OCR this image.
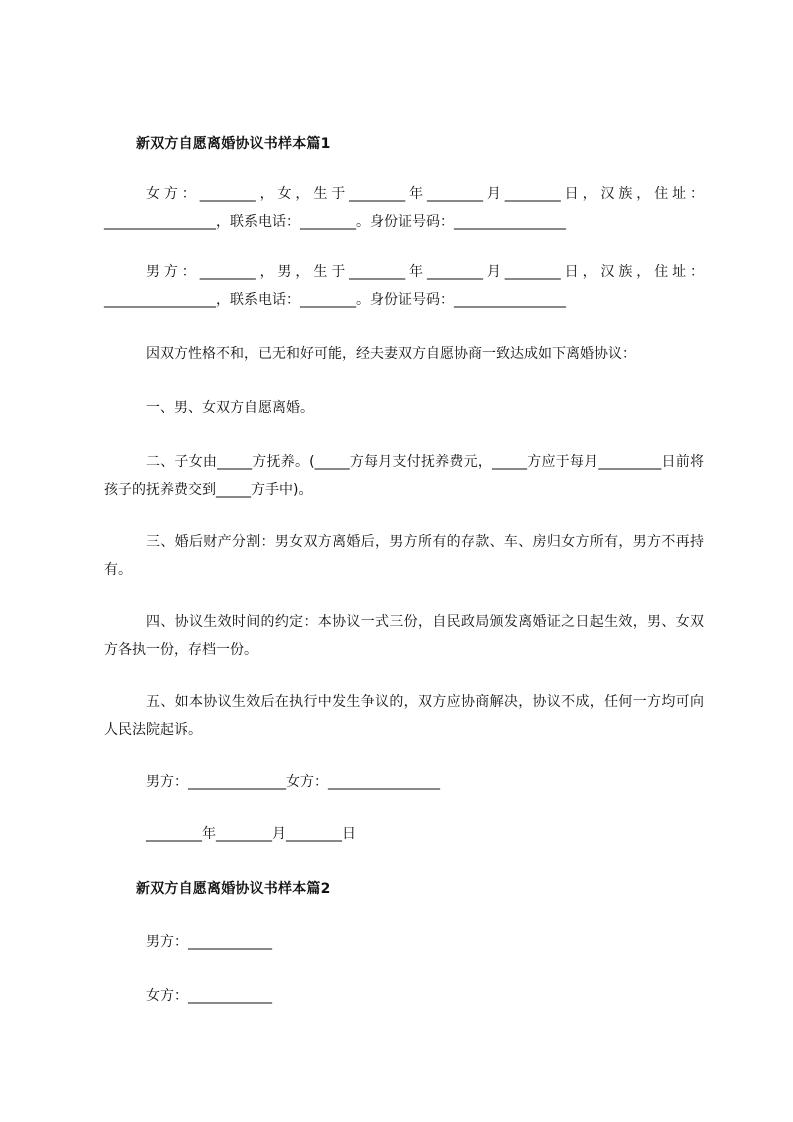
新双方自愿离婚协议书样本篇1
女方：________，女，生于________年________月________日，汉族，住址：________________，联系电话：________。身份证号码：________________
男方：________，男，生于________年________月________日，汉族，住址：________________，联系电话：________。身份证号码：________________
因双方性格不和，已无和好可能，经夫妻双方自愿协商一致达成如下离婚协议：
一、男、女双方自愿离婚。
二、子女由_____方抚养。(_____方每月支付抚养费元，_____方应于每月_________日前将孩子的抚养费交到_____方手中)。
三、婚后财产分割：男女双方离婚后，男方所有的存款、车、房归女方所有，男方不再持有。
四、协议生效时间的约定：本协议一式三份，自民政局颁发离婚证之日起生效，男、女双方各执一份，存档一份。
五、如本协议生效后在执行中发生争议的，双方应协商解决，协议不成，任何一方均可向人民法院起诉。
男方：______________女方：________________
________年________月________日
新双方自愿离婚协议书样本篇2
男方：____________
女方：____________
